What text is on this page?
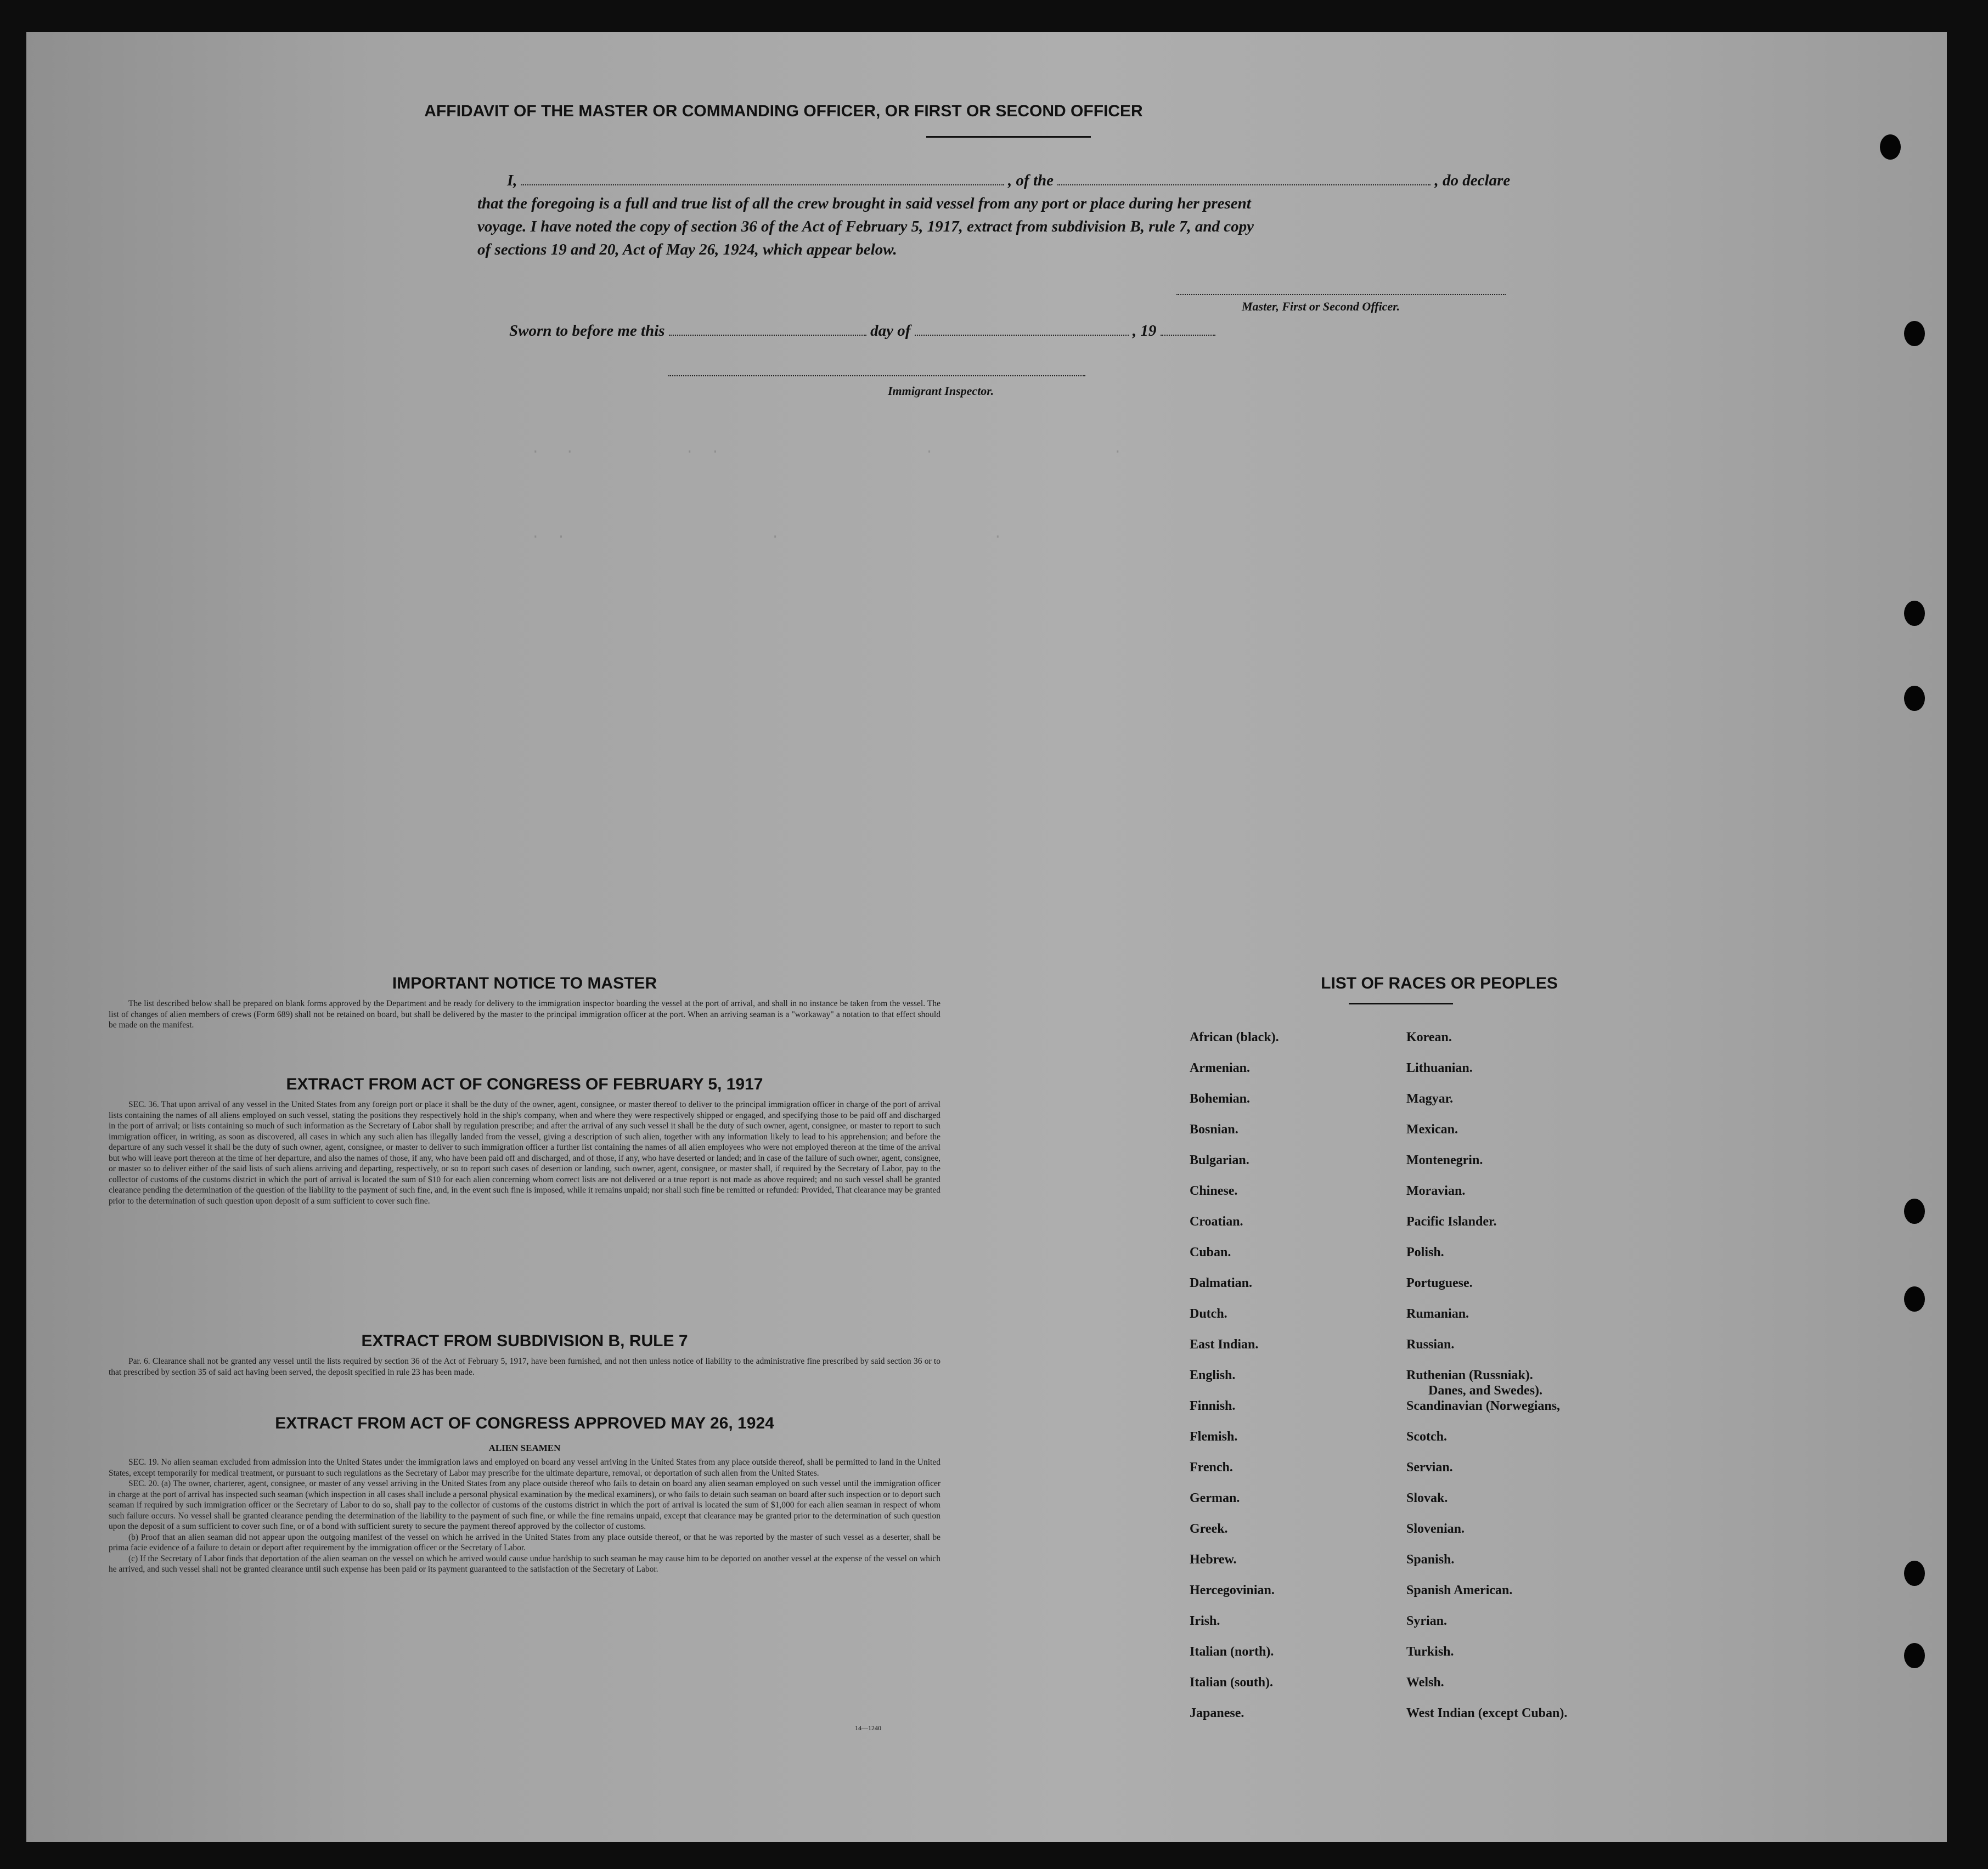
.   .             .  .                        .                     .
.  .                        .                         .
AFFIDAVIT OF THE MASTER OR COMMANDING OFFICER, OR FIRST OR SECOND OFFICER
I,	, of the	, do declare
that the foregoing is a full and true list of all the crew brought in said vessel from any port or place during her present
voyage. I have noted the copy of section 36 of the Act of February 5, 1917, extract from subdivision B, rule 7, and copy
of sections 19 and 20, Act of May 26, 1924, which appear below.
Master, First or Second Officer.
Sworn to before me this	day of	, 19
Immigrant Inspector.
IMPORTANT NOTICE TO MASTER

The list described below shall be prepared on blank forms approved by the Department and be ready for delivery to the immigration inspector boarding the vessel at the port of arrival, and shall in no instance be taken from the vessel. The list of changes of alien members of crews (Form 689) shall not be retained on board, but shall be delivered by the master to the principal immigration officer at the port. When an arriving seaman is a "workaway" a notation to that effect should be made on the manifest.

EXTRACT FROM ACT OF CONGRESS OF FEBRUARY 5, 1917

SEC. 36. That upon arrival of any vessel in the United States from any foreign port or place it shall be the duty of the owner, agent, consignee, or master thereof to deliver to the principal immigration officer in charge of the port of arrival lists containing the names of all aliens employed on such vessel, stating the positions they respectively hold in the ship's company, when and where they were respectively shipped or engaged, and specifying those to be paid off and discharged in the port of arrival; or lists containing so much of such information as the Secretary of Labor shall by regulation prescribe; and after the arrival of any such vessel it shall be the duty of such owner, agent, consignee, or master to report to such immigration officer, in writing, as soon as discovered, all cases in which any such alien has illegally landed from the vessel, giving a description of such alien, together with any information likely to lead to his apprehension; and before the departure of any such vessel it shall be the duty of such owner, agent, consignee, or master to deliver to such immigration officer a further list containing the names of all alien employees who were not employed thereon at the time of the arrival but who will leave port thereon at the time of her departure, and also the names of those, if any, who have been paid off and discharged, and of those, if any, who have deserted or landed; and in case of the failure of such owner, agent, consignee, or master so to deliver either of the said lists of such aliens arriving and departing, respectively, or so to report such cases of desertion or landing, such owner, agent, consignee, or master shall, if required by the Secretary of Labor, pay to the collector of customs of the customs district in which the port of arrival is located the sum of $10 for each alien concerning whom correct lists are not delivered or a true report is not made as above required; and no such vessel shall be granted clearance pending the determination of the question of the liability to the payment of such fine, and, in the event such fine is imposed, while it remains unpaid; nor shall such fine be remitted or refunded: Provided, That clearance may be granted prior to the determination of such question upon deposit of a sum sufficient to cover such fine.

EXTRACT FROM SUBDIVISION B, RULE 7

Par. 6. Clearance shall not be granted any vessel until the lists required by section 36 of the Act of February 5, 1917, have been furnished, and not then unless notice of liability to the administrative fine prescribed by said section 36 or to that prescribed by section 35 of said act having been served, the deposit specified in rule 23 has been made.

EXTRACT FROM ACT OF CONGRESS APPROVED MAY 26, 1924
ALIEN SEAMEN

SEC. 19. No alien seaman excluded from admission into the United States under the immigration laws and employed on board any vessel arriving in the United States from any place outside thereof, shall be permitted to land in the United States, except temporarily for medical treatment, or pursuant to such regulations as the Secretary of Labor may prescribe for the ultimate departure, removal, or deportation of such alien from the United States.

SEC. 20. (a) The owner, charterer, agent, consignee, or master of any vessel arriving in the United States from any place outside thereof who fails to detain on board any alien seaman employed on such vessel until the immigration officer in charge at the port of arrival has inspected such seaman (which inspection in all cases shall include a personal physical examination by the medical examiners), or who fails to detain such seaman on board after such inspection or to deport such seaman if required by such immigration officer or the Secretary of Labor to do so, shall pay to the collector of customs of the customs district in which the port of arrival is located the sum of $1,000 for each alien seaman in respect of whom such failure occurs. No vessel shall be granted clearance pending the determination of the liability to the payment of such fine, or while the fine remains unpaid, except that clearance may be granted prior to the determination of such question upon the deposit of a sum sufficient to cover such fine, or of a bond with sufficient surety to secure the payment thereof approved by the collector of customs.

(b) Proof that an alien seaman did not appear upon the outgoing manifest of the vessel on which he arrived in the United States from any place outside thereof, or that he was reported by the master of such vessel as a deserter, shall be prima facie evidence of a failure to detain or deport after requirement by the immigration officer or the Secretary of Labor.

(c) If the Secretary of Labor finds that deportation of the alien seaman on the vessel on which he arrived would cause undue hardship to such seaman he may cause him to be deported on another vessel at the expense of the vessel on which he arrived, and such vessel shall not be granted clearance until such expense has been paid or its payment guaranteed to the satisfaction of the Secretary of Labor.

14—1240
LIST OF RACES OR PEOPLES
African (black).
Armenian.
Bohemian.
Bosnian.
Bulgarian.
Chinese.
Croatian.
Cuban.
Dalmatian.
Dutch.
East Indian.
English.
Finnish.
Flemish.
French.
German.
Greek.
Hebrew.
Hercegovinian.
Irish.
Italian (north).
Italian (south).
Japanese.
Korean.
Lithuanian.
Magyar.
Mexican.
Montenegrin.
Moravian.
Pacific Islander.
Polish.
Portuguese.
Rumanian.
Russian.
Ruthenian (Russniak).
Scandinavian (Norwegians,
Scotch.
Servian.
Slovak.
Slovenian.
Spanish.
Spanish American.
Syrian.
Turkish.
Welsh.
West Indian (except Cuban).
Danes, and Swedes).
